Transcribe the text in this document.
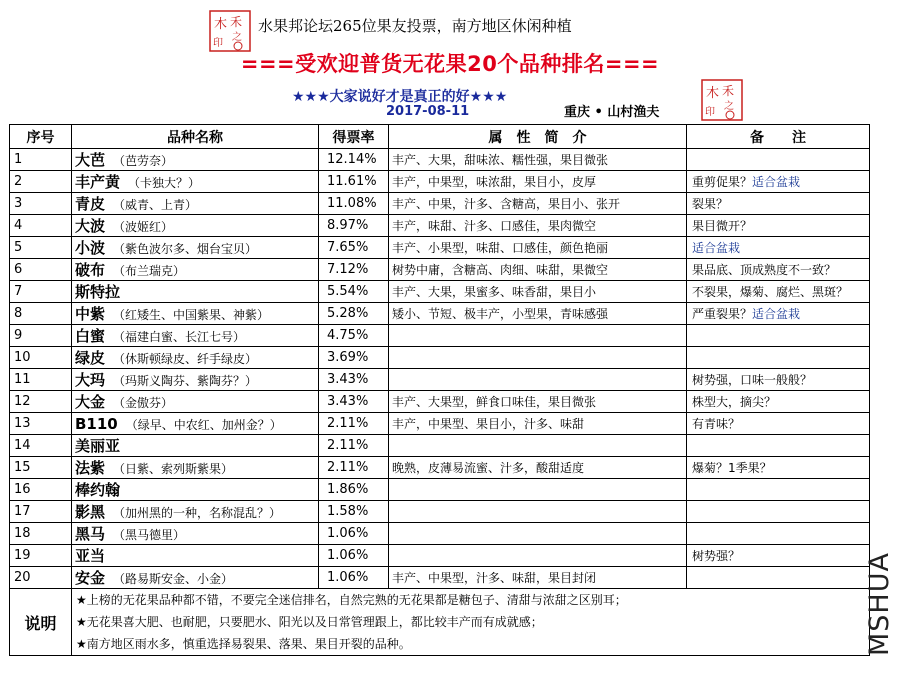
木 禾
之
印
木 禾
之
印
水果邦论坛265位果友投票，南方地区休闲种植
===受欢迎普货无花果20个品种排名===
★★★大家说好才是真正的好★★★
2017-08-11	重庆 • 山村渔夫
序号	品种名称	得票率	属　性　简　介	备　　注
1	大芭 （芭劳奈）	12.14%	丰产、大果，甜味浓、糯性强，果目微张	
2	丰产黄 （卡独大？）	11.61%	丰产，中果型，味浓甜，果目小，皮厚	重剪促果？适合盆栽
3	青皮 （威青、上青）	11.08%	丰产、中果，汁多、含糖高，果目小、张开	裂果？
4	大波 （波姬红）	8.97%	丰产，味甜、汁多、口感佳，果肉微空	果目微开？
5	小波 （紫色波尔多、烟台宝贝）	7.65%	丰产、小果型，味甜、口感佳，颜色艳丽	适合盆栽
6	破布 （布兰瑞克）	7.12%	树势中庸，含糖高、肉细、味甜，果微空	果品底、顶成熟度不一致？
7	斯特拉	5.54%	丰产、大果，果蜜多、味香甜，果目小	不裂果，爆菊、腐烂、黑斑？
8	中紫 （红矮生、中国紫果、神紫）	5.28%	矮小、节短、极丰产，小型果，青味感强	严重裂果？适合盆栽
9	白蜜 （福建白蜜、长江七号）	4.75%		
10	绿皮 （休斯顿绿皮、纤手绿皮）	3.69%		
11	大玛 （玛斯义陶芬、紫陶芬？）	3.43%		树势强，口味一般般？
12	大金 （金傲芬）	3.43%	丰产、大果型，鲜食口味佳，果目微张	株型大，摘尖？
13	B110 （绿早、中农红、加州金？）	2.11%	丰产，中果型、果目小，汁多、味甜	有青味？
14	美丽亚	2.11%		
15	法紫 （日紫、索列斯紫果）	2.11%	晚熟，皮薄易流蜜、汁多，酸甜适度	爆菊？1季果？
16	棒约翰	1.86%		
17	影黑 （加州黑的一种，名称混乱？）	1.58%		
18	黑马 （黑马德里）	1.06%		
19	亚当	1.06%		树势强？
20	安金 （路易斯安金、小金）	1.06%	丰产、中果型，汁多、味甜，果目封闭	
说明	★上榜的无花果品种都不错，不要完全迷信排名，自然完熟的无花果都是糖包子、清甜与浓甜之区别耳；
★无花果喜大肥、也耐肥，只要肥水、阳光以及日常管理跟上，都比较丰产而有成就感；
★南方地区雨水多，慎重选择易裂果、落果、果目开裂的品种。				MSHUA
